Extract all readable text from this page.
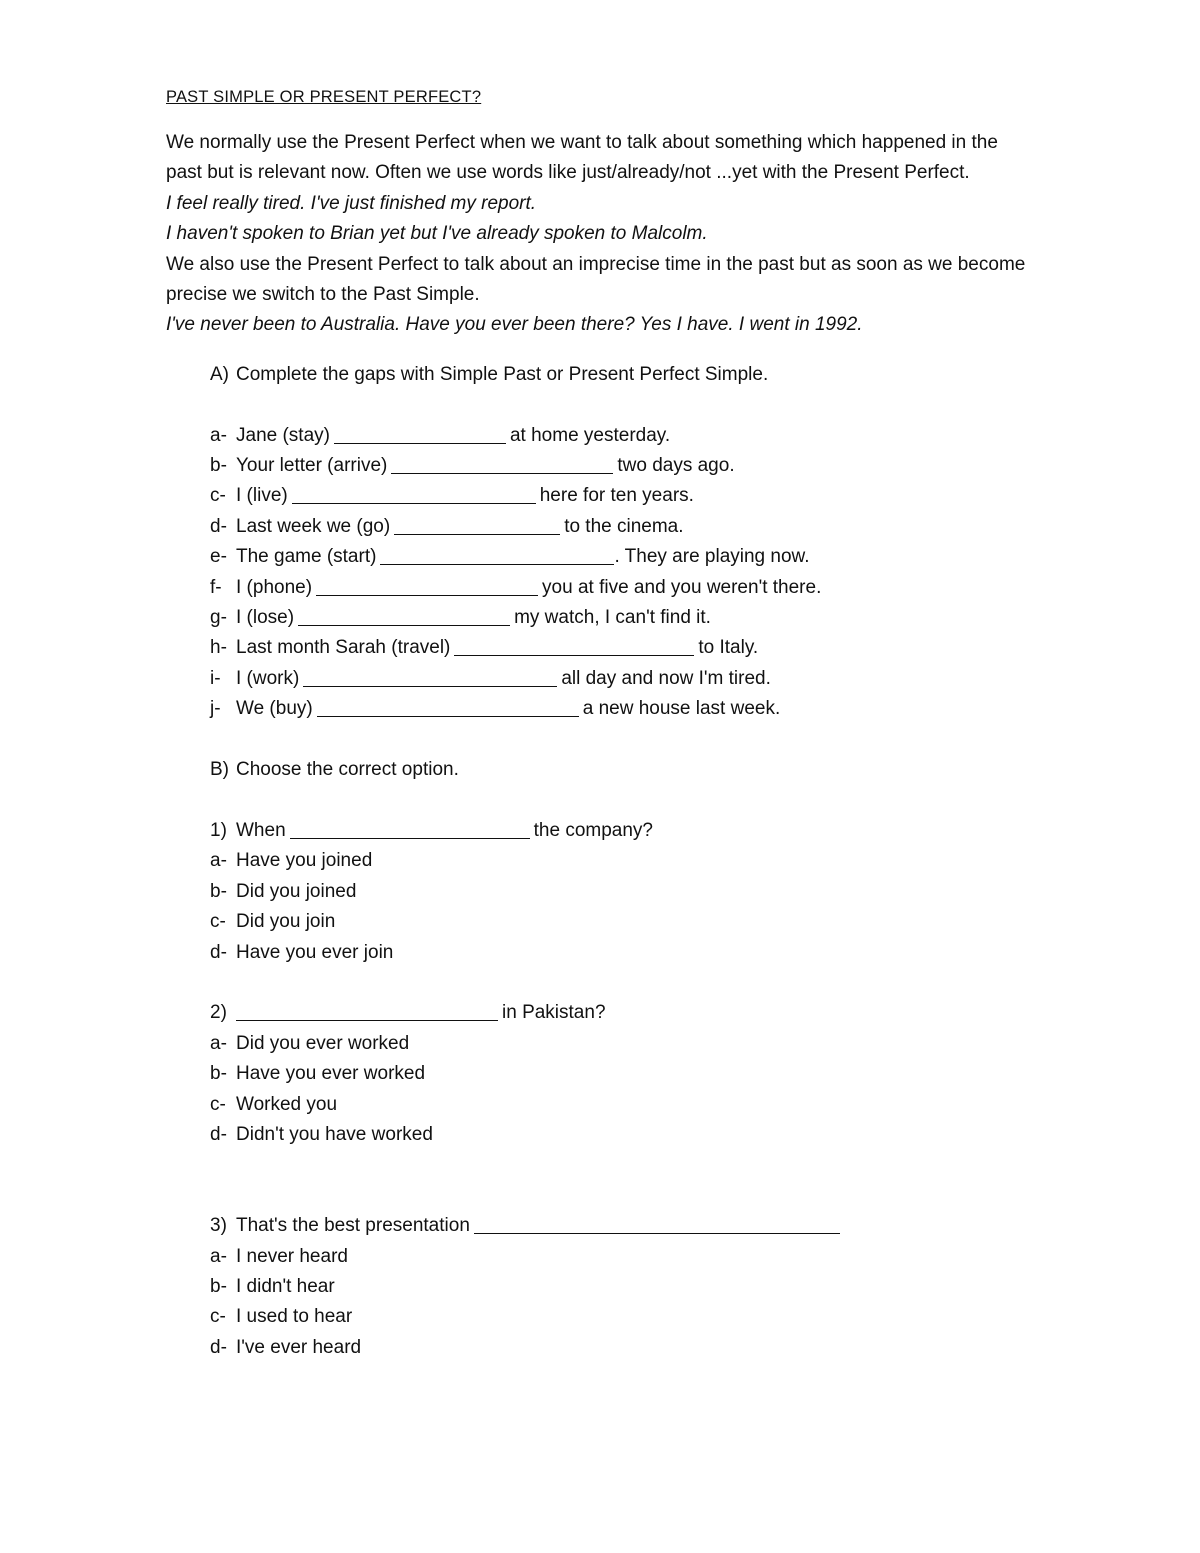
PAST SIMPLE OR PRESENT PERFECT?

We normally use the Present Perfect when we want to talk about something which happened in the past but is relevant now. Often we use words like just/already/not ...yet with the Present Perfect.
I feel really tired. I've just finished my report.
I haven't spoken to Brian yet but I've already spoken to Malcolm.
We also use the Present Perfect to talk about an imprecise time in the past but as soon as we become precise we switch to the Past Simple.
I've never been to Australia. Have you ever been there? Yes I have. I went in 1992.
A) Complete the gaps with Simple Past or Present Perfect Simple.
a- Jane (stay)	at home yesterday.
b- Your letter (arrive)	two days ago.
c- I (live)	here for ten years.
d- Last week we (go)	to the cinema.
e- The game (start)	. They are playing now.
f- I (phone)	you at five and you weren't there.
g- I (lose)	my watch, I can't find it.
h- Last month Sarah (travel)	to Italy.
i- I (work)	all day and now I'm tired.
j- We (buy)	a new house last week.
B) Choose the correct option.
1) When	the company?
a- Have you joined
b- Did you joined
c- Did you join
d- Have you ever join
2)	in Pakistan?
a- Did you ever worked
b- Have you ever worked
c- Worked you
d- Didn't you have worked
3) That's the best presentation
a- I never heard
b- I didn't hear
c- I used to hear
d- I've ever heard
